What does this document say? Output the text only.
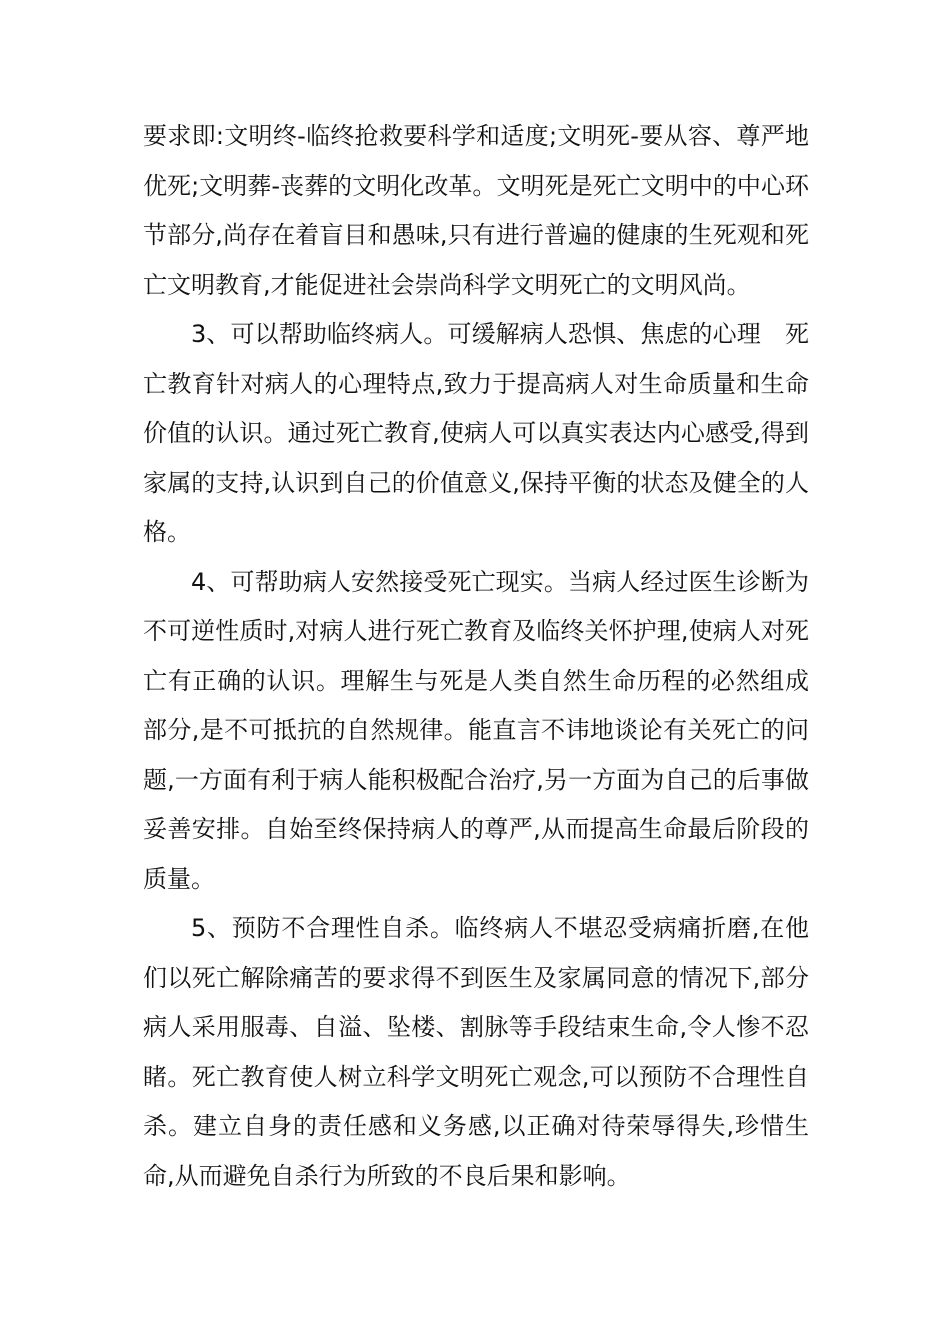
要求即:文明终-临终抢救要科学和适度;文明死-要从容、尊严地优死;文明葬-丧葬的文明化改革。文明死是死亡文明中的中心环节部分,尚存在着盲目和愚味,只有进行普遍的健康的生死观和死亡文明教育,才能促进社会崇尚科学文明死亡的文明风尚。

3、可以帮助临终病人。可缓解病人恐惧、焦虑的心理　死亡教育针对病人的心理特点,致力于提高病人对生命质量和生命价值的认识。通过死亡教育,使病人可以真实表达内心感受,得到家属的支持,认识到自己的价值意义,保持平衡的状态及健全的人格。

4、可帮助病人安然接受死亡现实。当病人经过医生诊断为不可逆性质时,对病人进行死亡教育及临终关怀护理,使病人对死亡有正确的认识。理解生与死是人类自然生命历程的必然组成部分,是不可抵抗的自然规律。能直言不讳地谈论有关死亡的问题,一方面有利于病人能积极配合治疗,另一方面为自己的后事做妥善安排。自始至终保持病人的尊严,从而提高生命最后阶段的质量。

5、预防不合理性自杀。临终病人不堪忍受病痛折磨,在他们以死亡解除痛苦的要求得不到医生及家属同意的情况下,部分病人采用服毒、自溢、坠楼、割脉等手段结束生命,令人惨不忍睹。死亡教育使人树立科学文明死亡观念,可以预防不合理性自杀。建立自身的责任感和义务感,以正确对待荣辱得失,珍惜生命,从而避免自杀行为所致的不良后果和影响。
